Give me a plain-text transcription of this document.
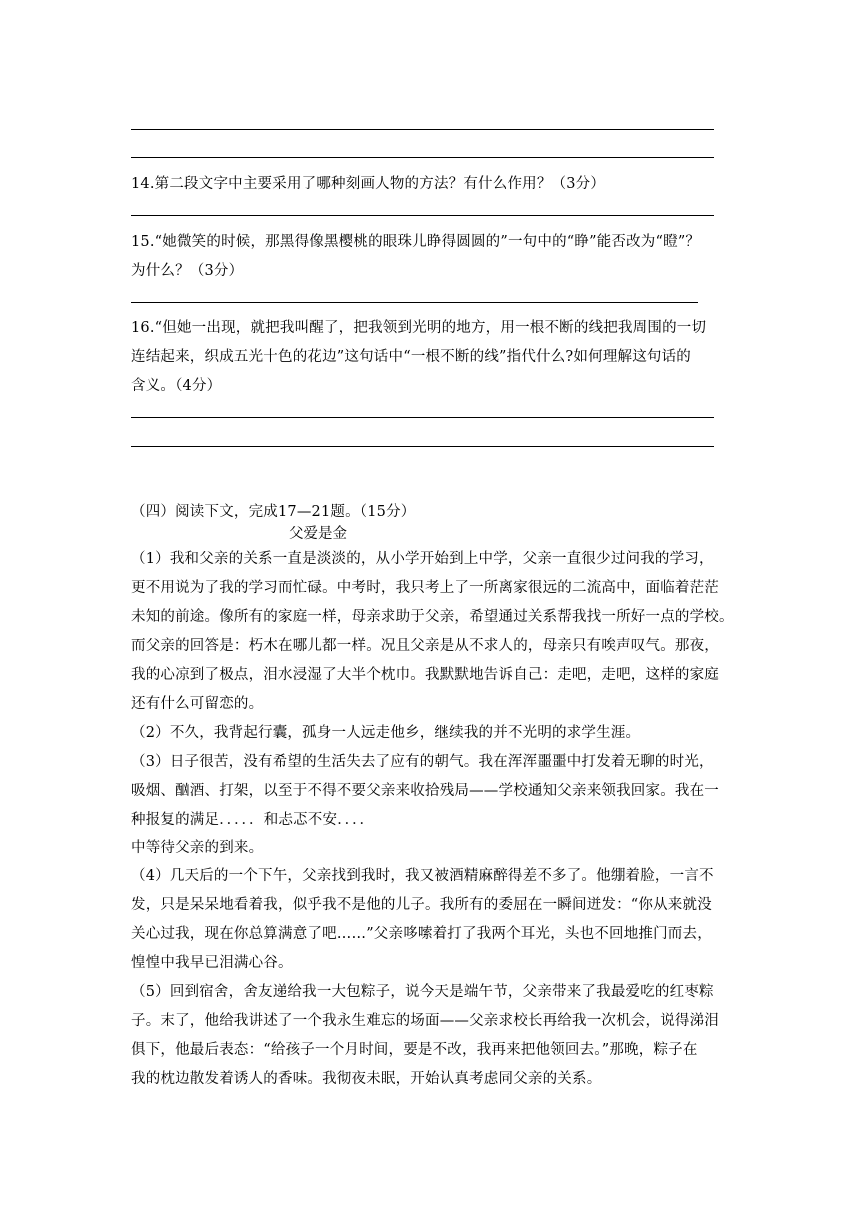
14.第二段文字中主要采用了哪种刻画人物的方法？有什么作用？（3分）
15.“她微笑的时候，那黑得像黑樱桃的眼珠儿睁得圆圆的”一句中的“睁”能否改为“瞪”？
为什么？（3分）
16.“但她一出现，就把我叫醒了，把我领到光明的地方，用一根不断的线把我周围的一切
连结起来，织成五光十色的花边”这句话中“一根不断的线”指代什么?如何理解这句话的
含义。（4分）
（四）阅读下文，完成17—21题。（15分）
父爱是金
（1）我和父亲的关系一直是淡淡的，从小学开始到上中学，父亲一直很少过问我的学习，
更不用说为了我的学习而忙碌。中考时，我只考上了一所离家很远的二流高中，面临着茫茫
未知的前途。像所有的家庭一样，母亲求助于父亲，希望通过关系帮我找一所好一点的学校。
而父亲的回答是：朽木在哪儿都一样。况且父亲是从不求人的，母亲只有唉声叹气。那夜，
我的心凉到了极点，泪水浸湿了大半个枕巾。我默默地告诉自己：走吧，走吧，这样的家庭
还有什么可留恋的。
（2）不久，我背起行囊，孤身一人远走他乡，继续我的并不光明的求学生涯。
（3）日子很苦，没有希望的生活失去了应有的朝气。我在浑浑噩噩中打发着无聊的时光，
吸烟、酗酒、打架，以至于不得不要父亲来收拾残局——学校通知父亲来领我回家。我在一
种报复的满足．．．．．和忐忑不安．．．．
中等待父亲的到来。
（4）几天后的一个下午，父亲找到我时，我又被酒精麻醉得差不多了。他绷着脸，一言不
发，只是呆呆地看着我，似乎我不是他的儿子。我所有的委屈在一瞬间迸发：“你从来就没
关心过我，现在你总算满意了吧……”父亲哆嗦着打了我两个耳光，头也不回地推门而去，
惶惶中我早已泪满心谷。
（5）回到宿舍，舍友递给我一大包粽子，说今天是端午节，父亲带来了我最爱吃的红枣粽
子。末了，他给我讲述了一个我永生难忘的场面——父亲求校长再给我一次机会，说得涕泪
俱下，他最后表态：“给孩子一个月时间，要是不改，我再来把他领回去。”那晚，粽子在
我的枕边散发着诱人的香味。我彻夜未眠，开始认真考虑同父亲的关系。
